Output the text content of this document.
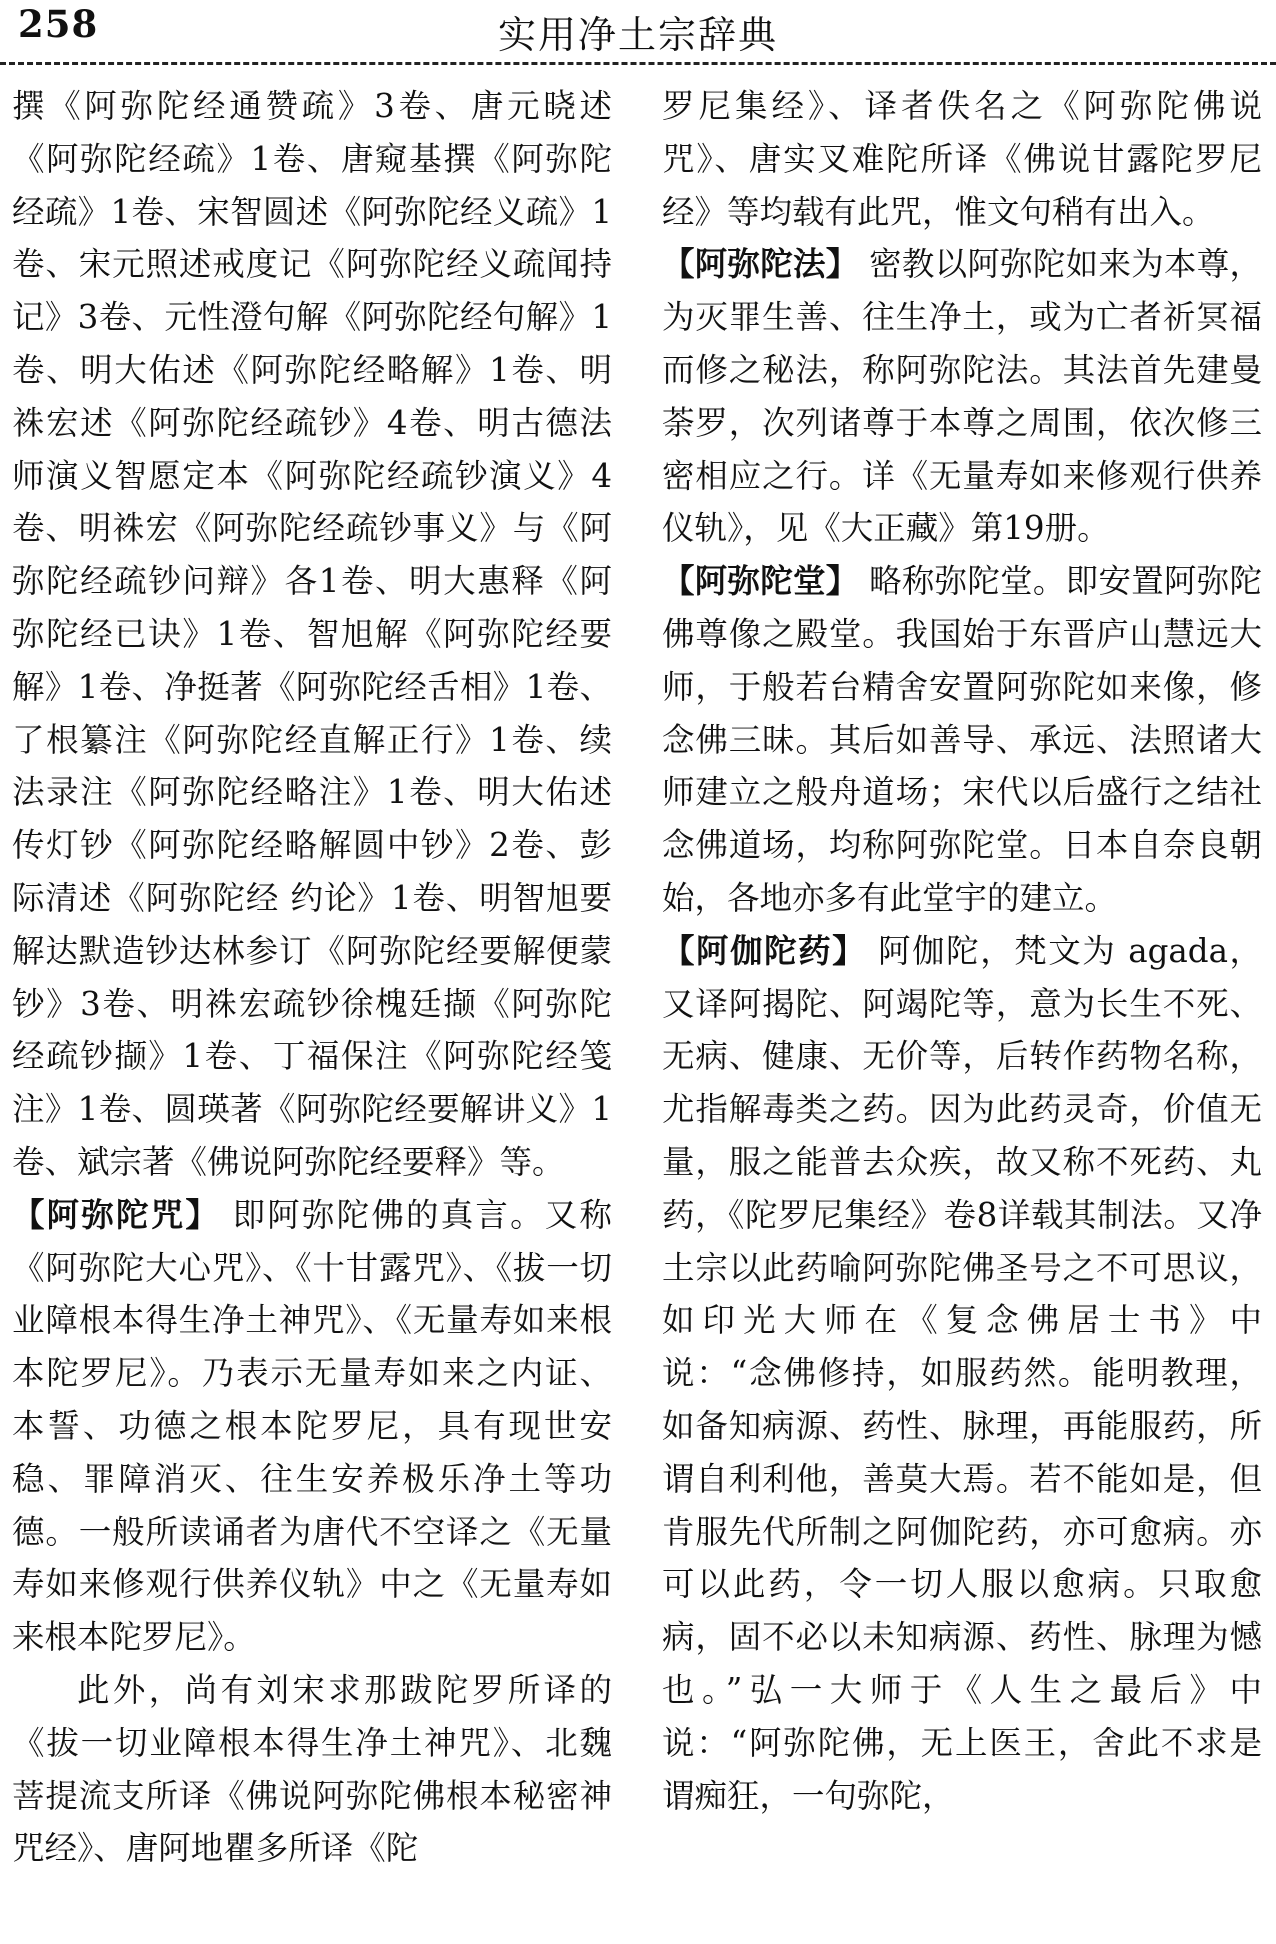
258	实用净土宗辞典

撰《阿弥陀经通赞疏》3卷、唐元晓述《阿弥陀经疏》1卷、唐窥基撰《阿弥陀经疏》1卷、宋智圆述《阿弥陀经义疏》1卷、宋元照述戒度记《阿弥陀经义疏闻持记》3卷、元性澄句解《阿弥陀经句解》1卷、明大佑述《阿弥陀经略解》1卷、明袾宏述《阿弥陀经疏钞》4卷、明古德法师演义智愿定本《阿弥陀经疏钞演义》4卷、明袾宏《阿弥陀经疏钞事义》与《阿弥陀经疏钞问辩》各1卷、明大惠释《阿弥陀经已诀》1卷、智旭解《阿弥陀经要解》1卷、净挺著《阿弥陀经舌相》1卷、了根纂注《阿弥陀经直解正行》1卷、续法录注《阿弥陀经略注》1卷、明大佑述传灯钞《阿弥陀经略解圆中钞》2卷、彭际清述《阿弥陀经 约论》1卷、明智旭要解达默造钞达林参订《阿弥陀经要解便蒙钞》3卷、明袾宏疏钞徐槐廷撷《阿弥陀经疏钞撷》1卷、丁福保注《阿弥陀经笺注》1卷、圆瑛著《阿弥陀经要解讲义》1卷、斌宗著《佛说阿弥陀经要释》等。

【阿弥陀咒】 即阿弥陀佛的真言。又称《阿弥陀大心咒》、《十甘露咒》、《拔一切业障根本得生净土神咒》、《无量寿如来根本陀罗尼》。乃表示无量寿如来之内证、本誓、功德之根本陀罗尼，具有现世安稳、罪障消灭、往生安养极乐净土等功德。一般所读诵者为唐代不空译之《无量寿如来修观行供养仪轨》中之《无量寿如来根本陀罗尼》。

此外，尚有刘宋求那跋陀罗所译的《拔一切业障根本得生净土神咒》、北魏菩提流支所译《佛说阿弥陀佛根本秘密神咒经》、唐阿地瞿多所译《陀

罗尼集经》、译者佚名之《阿弥陀佛说咒》、唐实叉难陀所译《佛说甘露陀罗尼经》等均载有此咒，惟文句稍有出入。

【阿弥陀法】 密教以阿弥陀如来为本尊，为灭罪生善、往生净土，或为亡者祈冥福而修之秘法，称阿弥陀法。其法首先建曼荼罗，次列诸尊于本尊之周围，依次修三密相应之行。详《无量寿如来修观行供养仪轨》，见《大正藏》第19册。

【阿弥陀堂】 略称弥陀堂。即安置阿弥陀佛尊像之殿堂。我国始于东晋庐山慧远大师，于般若台精舍安置阿弥陀如来像，修念佛三昧。其后如善导、承远、法照诸大师建立之般舟道场；宋代以后盛行之结社念佛道场，均称阿弥陀堂。日本自奈良朝始，各地亦多有此堂宇的建立。

【阿伽陀药】 阿伽陀，梵文为 agada，又译阿揭陀、阿竭陀等，意为长生不死、无病、健康、无价等，后转作药物名称，尤指解毒类之药。因为此药灵奇，价值无量，服之能普去众疾，故又称不死药、丸药，《陀罗尼集经》卷8详载其制法。又净土宗以此药喻阿弥陀佛圣号之不可思议，如印光大师在《复念佛居士书》中说：“念佛修持，如服药然。能明教理，如备知病源、药性、脉理，再能服药，所谓自利利他，善莫大焉。若不能如是，但肯服先代所制之阿伽陀药，亦可愈病。亦可以此药，令一切人服以愈病。只取愈病，固不必以未知病源、药性、脉理为憾也。”弘一大师于《人生之最后》中说：“阿弥陀佛，无上医王，舍此不求是谓痴狂，一句弥陀，
